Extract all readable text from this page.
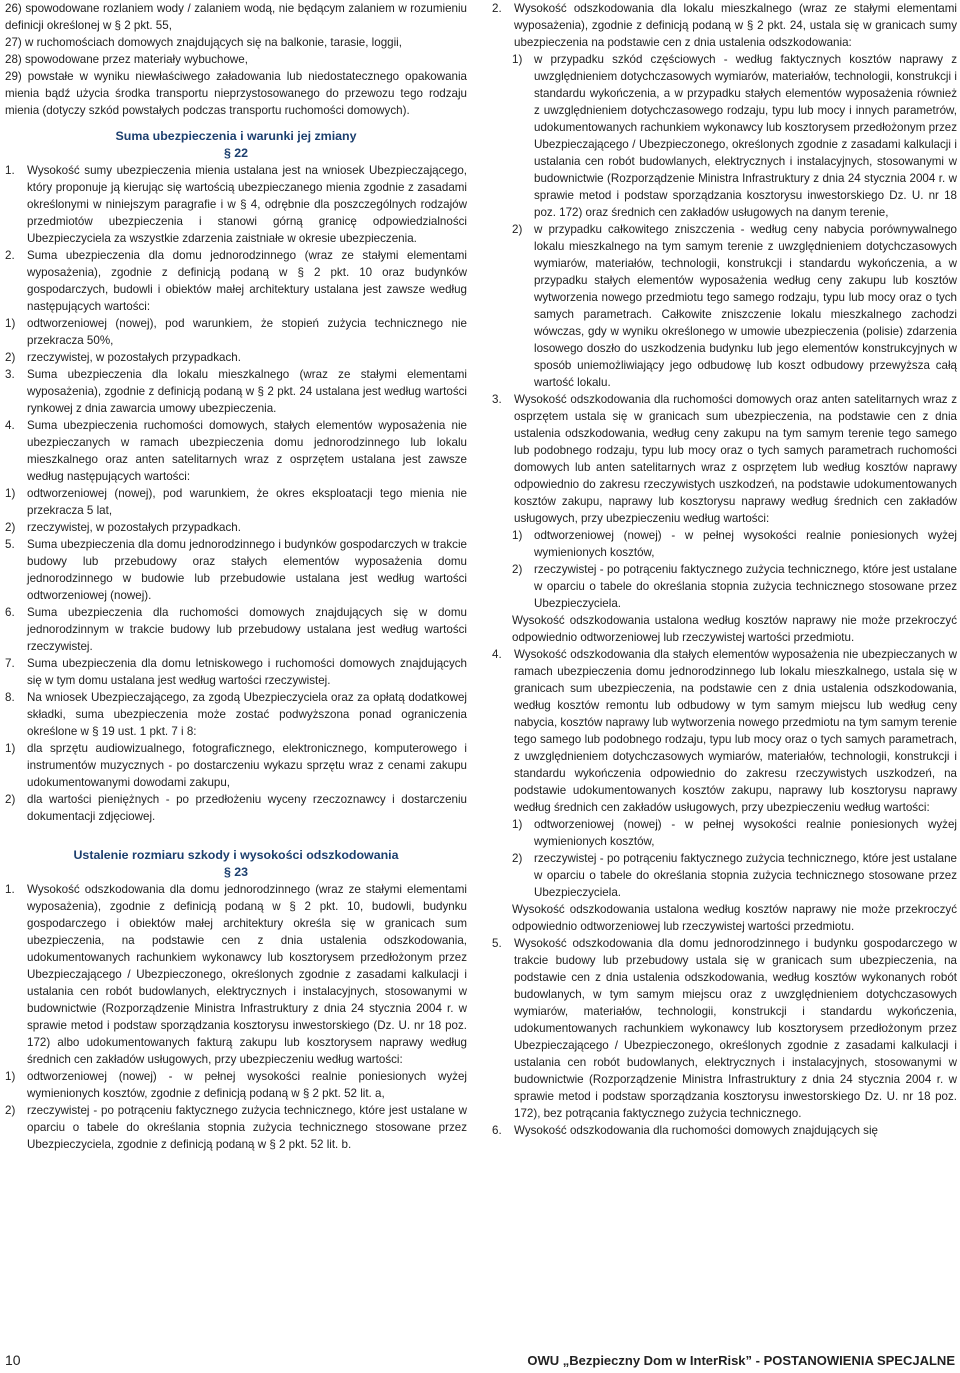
26) spowodowane rozlaniem wody / zalaniem wodą, nie będącym zalaniem w rozumieniu definicji określonej w § 2 pkt. 55,

27) w ruchomościach domowych znajdujących się na balkonie, tarasie, loggii,

28) spowodowane przez materiały wybuchowe,

29) powstałe w wyniku niewłaściwego załadowania lub niedostatecznego opakowania mienia bądź użycia środka transportu nieprzystosowanego do przewozu tego rodzaju mienia (dotyczy szkód powstałych podczas transportu ruchomości domowych).

Suma ubezpieczenia i warunki jej zmiany
§ 22
1.	Wysokość sumy ubezpieczenia mienia ustalana jest na wniosek Ubezpieczającego, który proponuje ją kierując się wartością ubezpieczanego mienia zgodnie z zasadami określonymi w niniejszym paragrafie i w § 4, odrębnie dla poszczególnych rodzajów przedmiotów ubezpieczenia i stanowi górną granicę odpowiedzialności Ubezpieczyciela za wszystkie zdarzenia zaistniałe w okresie ubezpieczenia.
2.	Suma ubezpieczenia dla domu jednorodzinnego (wraz ze stałymi elementami wyposażenia), zgodnie z definicją podaną w § 2 pkt. 10 oraz budynków gospodarczych, budowli i obiektów małej architektury ustalana jest zawsze według następujących wartości:
1)	odtworzeniowej (nowej), pod warunkiem, że stopień zużycia technicznego nie przekracza 50%,
2)	rzeczywistej, w pozostałych przypadkach.
3.	Suma ubezpieczenia dla lokalu mieszkalnego (wraz ze stałymi elementami wyposażenia), zgodnie z definicją podaną w § 2 pkt. 24 ustalana jest według wartości rynkowej z dnia zawarcia umowy ubezpieczenia.
4.	Suma ubezpieczenia ruchomości domowych, stałych elementów wyposażenia nie ubezpieczanych w ramach ubezpieczenia domu jednorodzinnego lub lokalu mieszkalnego oraz anten satelitarnych wraz z osprzętem ustalana jest zawsze według następujących wartości:
1)	odtworzeniowej (nowej), pod warunkiem, że okres eksploatacji tego mienia nie przekracza 5 lat,
2)	rzeczywistej, w pozostałych przypadkach.
5.	Suma ubezpieczenia dla domu jednorodzinnego i budynków gospodarczych w trakcie budowy lub przebudowy oraz stałych elementów wyposażenia domu jednorodzinnego w budowie lub przebudowie ustalana jest według wartości odtworzeniowej (nowej).
6.	Suma ubezpieczenia dla ruchomości domowych znajdujących się w domu jednorodzinnym w trakcie budowy lub przebudowy ustalana jest według wartości rzeczywistej.
7.	Suma ubezpieczenia dla domu letniskowego i ruchomości domowych znajdujących się w tym domu ustalana jest według wartości rzeczywistej.
8.	Na wniosek Ubezpieczającego, za zgodą Ubezpieczyciela oraz za opłatą dodatkowej składki, suma ubezpieczenia może zostać podwyższona ponad ograniczenia określone w § 19 ust. 1 pkt. 7 i 8:
1)	dla sprzętu audiowizualnego, fotograficznego, elektronicznego, komputerowego i instrumentów muzycznych - po dostarczeniu wykazu sprzętu wraz z cenami zakupu udokumentowanymi dowodami zakupu,
2)	dla wartości pieniężnych - po przedłożeniu wyceny rzeczoznawcy i dostarczeniu dokumentacji zdjęciowej.
Ustalenie rozmiaru szkody i wysokości odszkodowania
§ 23
1.	Wysokość odszkodowania dla domu jednorodzinnego (wraz ze stałymi elementami wyposażenia), zgodnie z definicją podaną w § 2 pkt. 10, budowli, budynku gospodarczego i obiektów małej architektury określa się w granicach sum ubezpieczenia, na podstawie cen z dnia ustalenia odszkodowania, udokumentowanych rachunkiem wykonawcy lub kosztorysem przedłożonym przez Ubezpieczającego / Ubezpieczonego, określonych zgodnie z zasadami kalkulacji i ustalania cen robót budowlanych, elektrycznych i instalacyjnych, stosowanymi w budownictwie (Rozporządzenie Ministra Infrastruktury z dnia 24 stycznia 2004 r. w sprawie metod i podstaw sporządzania kosztorysu inwestorskiego (Dz. U. nr 18 poz. 172) albo udokumentowanych fakturą zakupu lub kosztorysem naprawy według średnich cen zakładów usługowych, przy ubezpieczeniu według wartości:
1)	odtworzeniowej (nowej) - w pełnej wysokości realnie poniesionych wyżej wymienionych kosztów, zgodnie z definicją podaną w § 2 pkt. 52 lit. a,
2)	rzeczywistej - po potrąceniu faktycznego zużycia technicznego, które jest ustalane w oparciu o tabele do określania stopnia zużycia technicznego stosowane przez Ubezpieczyciela, zgodnie z definicją podaną w § 2 pkt. 52 lit. b.
2.	Wysokość odszkodowania dla lokalu mieszkalnego (wraz ze stałymi elementami wyposażenia), zgodnie z definicją podaną w § 2 pkt. 24, ustala się w granicach sumy ubezpieczenia na podstawie cen z dnia ustalenia odszkodowania:
1)	w przypadku szkód częściowych - według faktycznych kosztów naprawy z uwzględnieniem dotychczasowych wymiarów, materiałów, technologii, konstrukcji i standardu wykończenia, a w przypadku stałych elementów wyposażenia również z uwzględnieniem dotychczasowego rodzaju, typu lub mocy i innych parametrów, udokumentowanych rachunkiem wykonawcy lub kosztorysem przedłożonym przez Ubezpieczającego / Ubezpieczonego, określonych zgodnie z zasadami kalkulacji i ustalania cen robót budowlanych, elektrycznych i instalacyjnych, stosowanymi w budownictwie (Rozporządzenie Ministra Infrastruktury z dnia 24 stycznia 2004 r. w sprawie metod i podstaw sporządzania kosztorysu inwestorskiego Dz. U. nr 18 poz. 172) oraz średnich cen zakładów usługowych na danym terenie,
2)	w przypadku całkowitego zniszczenia - według ceny nabycia porównywalnego lokalu mieszkalnego na tym samym terenie z uwzględnieniem dotychczasowych wymiarów, materiałów, technologii, konstrukcji i standardu wykończenia, a w przypadku stałych elementów wyposażenia według ceny zakupu lub kosztów wytworzenia nowego przedmiotu tego samego rodzaju, typu lub mocy oraz o tych samych parametrach. Całkowite zniszczenie lokalu mieszkalnego zachodzi wówczas, gdy w wyniku określonego w umowie ubezpieczenia (polisie) zdarzenia losowego doszło do uszkodzenia budynku lub jego elementów konstrukcyjnych w sposób uniemożliwiający jego odbudowę lub koszt odbudowy przewyższa całą wartość lokalu.
3.	Wysokość odszkodowania dla ruchomości domowych oraz anten satelitarnych wraz z osprzętem ustala się w granicach sum ubezpieczenia, na podstawie cen z dnia ustalenia odszkodowania, według ceny zakupu na tym samym terenie tego samego lub podobnego rodzaju, typu lub mocy oraz o tych samych parametrach ruchomości domowych lub anten satelitarnych wraz z osprzętem lub według kosztów naprawy odpowiednio do zakresu rzeczywistych uszkodzeń, na podstawie udokumentowanych kosztów zakupu, naprawy lub kosztorysu naprawy według średnich cen zakładów usługowych, przy ubezpieczeniu według wartości:
1)	odtworzeniowej (nowej) - w pełnej wysokości realnie poniesionych wyżej wymienionych kosztów,
2)	rzeczywistej - po potrąceniu faktycznego zużycia technicznego, które jest ustalane w oparciu o tabele do określania stopnia zużycia technicznego stosowane przez Ubezpieczyciela.

Wysokość odszkodowania ustalona według kosztów naprawy nie może przekroczyć odpowiednio odtworzeniowej lub rzeczywistej wartości przedmiotu.

4.	Wysokość odszkodowania dla stałych elementów wyposażenia nie ubezpieczanych w ramach ubezpieczenia domu jednorodzinnego lub lokalu mieszkalnego, ustala się w granicach sum ubezpieczenia, na podstawie cen z dnia ustalenia odszkodowania, według kosztów remontu lub odbudowy w tym samym miejscu lub według ceny nabycia, kosztów naprawy lub wytworzenia nowego przedmiotu na tym samym terenie tego samego lub podobnego rodzaju, typu lub mocy oraz o tych samych parametrach, z uwzględnieniem dotychczasowych wymiarów, materiałów, technologii, konstrukcji i standardu wykończenia odpowiednio do zakresu rzeczywistych uszkodzeń, na podstawie udokumentowanych kosztów zakupu, naprawy lub kosztorysu naprawy według średnich cen zakładów usługowych, przy ubezpieczeniu według wartości:
1)	odtworzeniowej (nowej) - w pełnej wysokości realnie poniesionych wyżej wymienionych kosztów,
2)	rzeczywistej - po potrąceniu faktycznego zużycia technicznego, które jest ustalane w oparciu o tabele do określania stopnia zużycia technicznego stosowane przez Ubezpieczyciela.

Wysokość odszkodowania ustalona według kosztów naprawy nie może przekroczyć odpowiednio odtworzeniowej lub rzeczywistej wartości przedmiotu.

5.	Wysokość odszkodowania dla domu jednorodzinnego i budynku gospodarczego w trakcie budowy lub przebudowy ustala się w granicach sum ubezpieczenia, na podstawie cen z dnia ustalenia odszkodowania, według kosztów wykonanych robót budowlanych, w tym samym miejscu oraz z uwzględnieniem dotychczasowych wymiarów, materiałów, technologii, konstrukcji i standardu wykończenia, udokumentowanych rachunkiem wykonawcy lub kosztorysem przedłożonym przez Ubezpieczającego / Ubezpieczonego, określonych zgodnie z zasadami kalkulacji i ustalania cen robót budowlanych, elektrycznych i instalacyjnych, stosowanymi w budownictwie (Rozporządzenie Ministra Infrastruktury z dnia 24 stycznia 2004 r. w sprawie metod i podstaw sporządzania kosztorysu inwestorskiego Dz. U. nr 18 poz. 172), bez potrącania faktycznego zużycia technicznego.
6.	Wysokość odszkodowania dla ruchomości domowych znajdujących się
10	OWU „Bezpieczny Dom w InterRisk” - POSTANOWIENIA SPECJALNE
